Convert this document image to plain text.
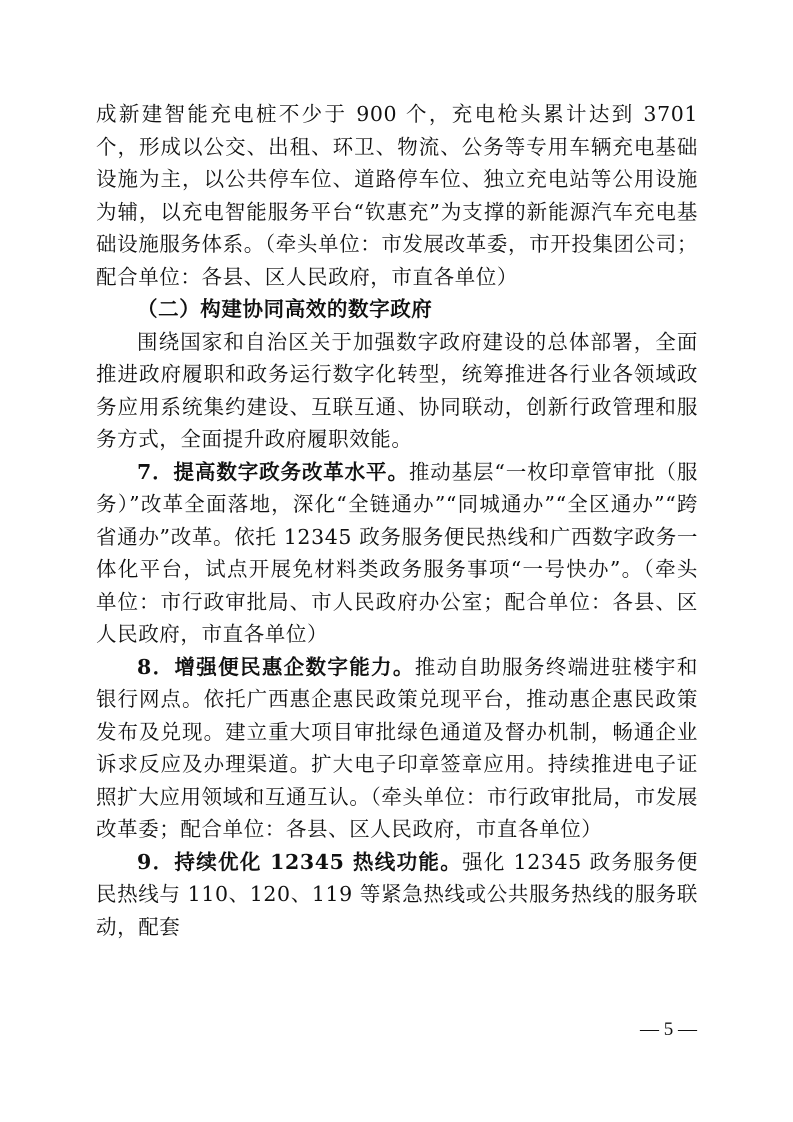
成新建智能充电桩不少于 900 个，充电枪头累计达到 3701 个，形成以公交、出租、环卫、物流、公务等专用车辆充电基础设施为主，以公共停车位、道路停车位、独立充电站等公用设施为辅，以充电智能服务平台“钦惠充”为支撑的新能源汽车充电基础设施服务体系。（牵头单位：市发展改革委，市开投集团公司；配合单位：各县、区人民政府，市直各单位）

（二）构建协同高效的数字政府

围绕国家和自治区关于加强数字政府建设的总体部署，全面推进政府履职和政务运行数字化转型，统筹推进各行业各领域政务应用系统集约建设、互联互通、协同联动，创新行政管理和服务方式，全面提升政府履职效能。

7．提高数字政务改革水平。推动基层“一枚印章管审批（服务）”改革全面落地，深化“全链通办”“同城通办”“全区通办”“跨省通办”改革。依托 12345 政务服务便民热线和广西数字政务一体化平台，试点开展免材料类政务服务事项“一号快办”。（牵头单位：市行政审批局、市人民政府办公室；配合单位：各县、区人民政府，市直各单位）

8．增强便民惠企数字能力。推动自助服务终端进驻楼宇和银行网点。依托广西惠企惠民政策兑现平台，推动惠企惠民政策发布及兑现。建立重大项目审批绿色通道及督办机制，畅通企业诉求反应及办理渠道。扩大电子印章签章应用。持续推进电子证照扩大应用领域和互通互认。（牵头单位：市行政审批局，市发展改革委；配合单位：各县、区人民政府，市直各单位）

9．持续优化 12345 热线功能。强化 12345 政务服务便民热线与 110、120、119 等紧急热线或公共服务热线的服务联动，配套

— 5 —
